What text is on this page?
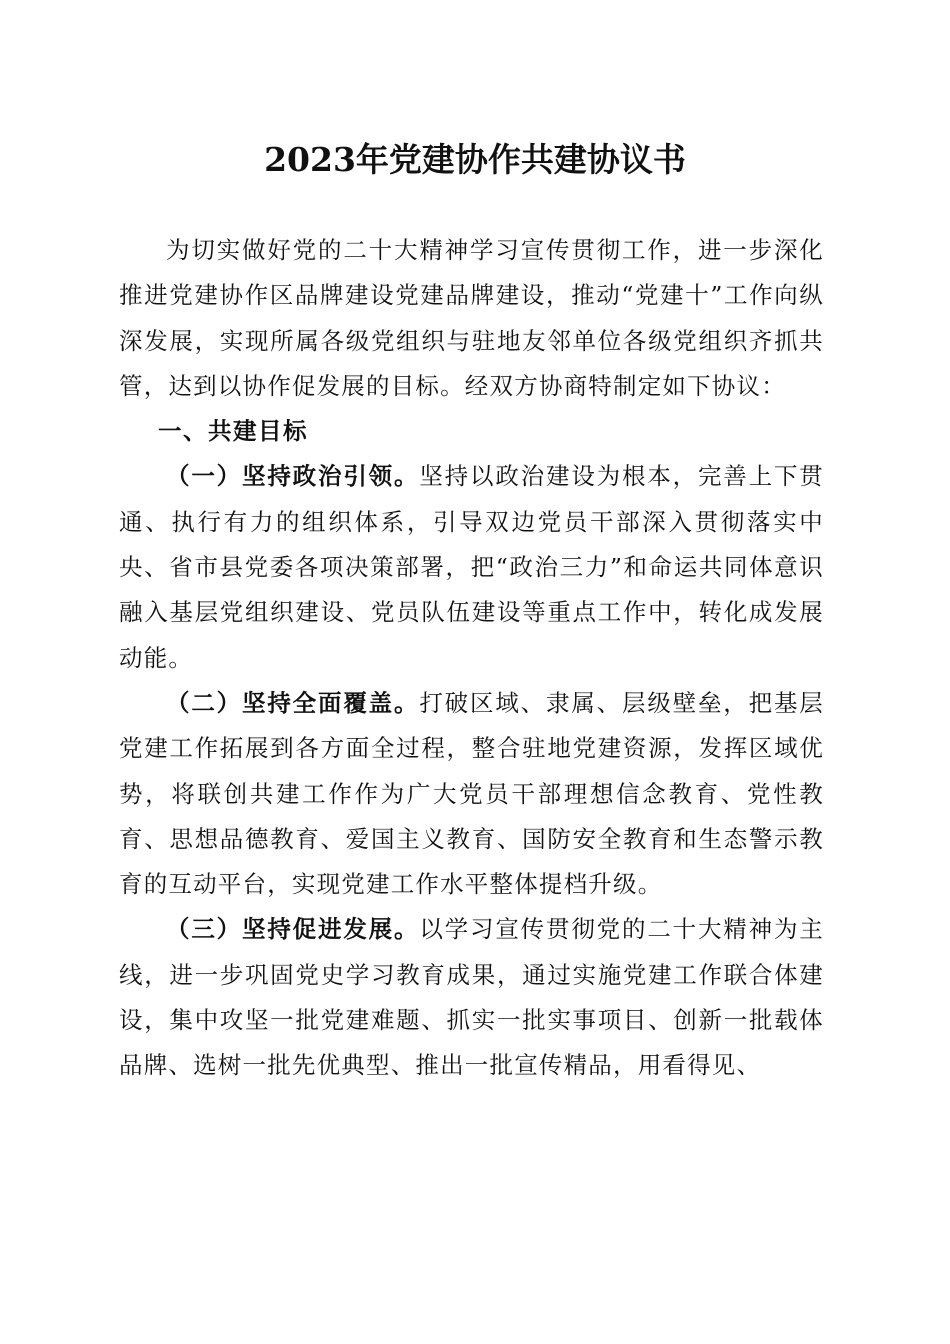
2023年党建协作共建协议书

为切实做好党的二十大精神学习宣传贯彻工作，进一步深化推进党建协作区品牌建设党建品牌建设，推动“党建十”工作向纵深发展，实现所属各级党组织与驻地友邻单位各级党组织齐抓共管，达到以协作促发展的目标。经双方协商特制定如下协议：

一、共建目标

（一）坚持政治引领。坚持以政治建设为根本，完善上下贯通、执行有力的组织体系，引导双边党员干部深入贯彻落实中央、省市县党委各项决策部署，把“政治三力”和命运共同体意识融入基层党组织建设、党员队伍建设等重点工作中，转化成发展动能。

（二）坚持全面覆盖。打破区域、隶属、层级壁垒，把基层党建工作拓展到各方面全过程，整合驻地党建资源，发挥区域优势，将联创共建工作作为广大党员干部理想信念教育、党性教育、思想品德教育、爱国主义教育、国防安全教育和生态警示教育的互动平台，实现党建工作水平整体提档升级。

（三）坚持促进发展。以学习宣传贯彻党的二十大精神为主线，进一步巩固党史学习教育成果，通过实施党建工作联合体建设，集中攻坚一批党建难题、抓实一批实事项目、创新一批载体品牌、选树一批先优典型、推出一批宣传精品，用看得见、
